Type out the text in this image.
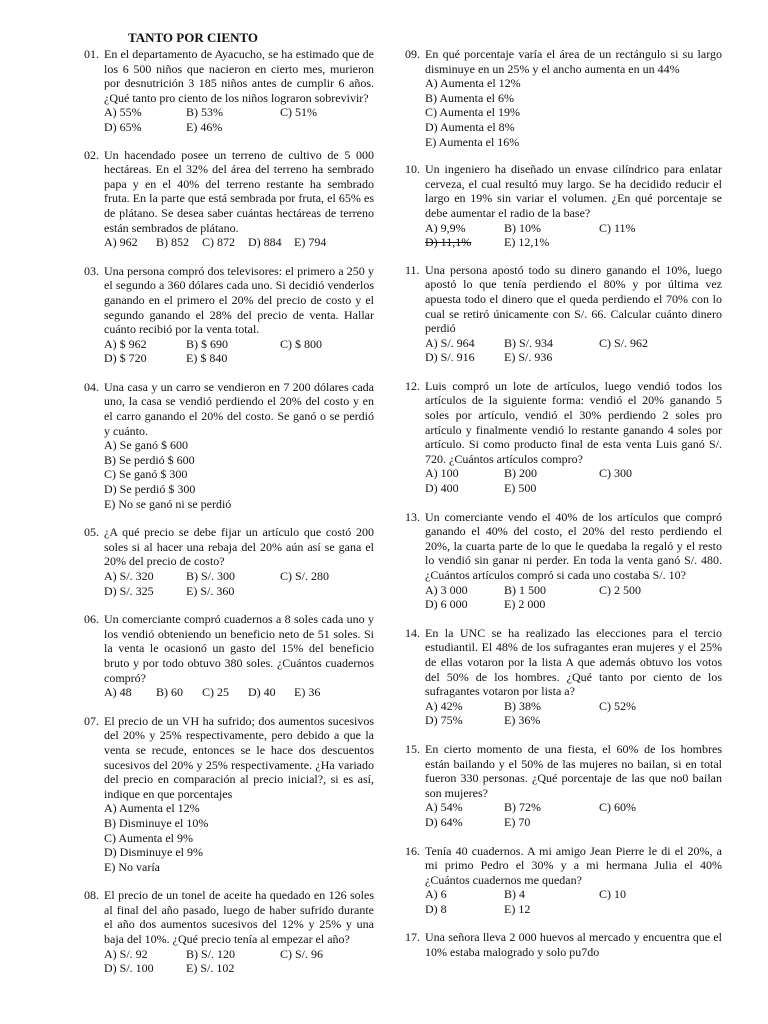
TANTO POR CIENTO
01. En el departamento de Ayacucho, se ha estimado que de los 6 500 niños que nacieron en cierto mes, murieron por desnutrición 3 185 niños antes de cumplir 6 años. ¿Qué tanto pro ciento de los niños lograron sobrevivir?
A) 55%	B) 53%	C) 51%
D) 65%	E) 46%
02. Un hacendado posee un terreno de cultivo de 5 000 hectáreas. En el 32% del área del terreno ha sembrado papa y en el 40% del terreno restante ha sembrado fruta. En la parte que está sembrada por fruta, el 65% es de plátano. Se desea saber cuántas hectáreas de terreno están sembrados de plátano.
A) 962	B) 852	C) 872	D) 884	E) 794
03. Una persona compró dos televisores: el primero a 250 y el segundo a 360 dólares cada uno. Si decidió venderlos ganando en el primero el 20% del precio de costo y el segundo ganando el 28% del precio de venta. Hallar cuánto recibió por la venta total.
A) $ 962	B) $ 690	C) $ 800
D) $ 720	E) $ 840
04. Una casa y un carro se vendieron en 7 200 dólares cada uno, la casa se vendió perdiendo el 20% del costo y en el carro ganando el 20% del costo. Se ganó o se perdió y cuánto.
A) Se ganó $ 600
B) Se perdió $ 600
C) Se ganó $ 300
D) Se perdió $ 300
E) No se ganó ni se perdió
05. ¿A qué precio se debe fijar un artículo que costó 200 soles si al hacer una rebaja del 20% aún así se gana el 20% del precio de costo?
A) S/. 320	B) S/. 300	C) S/. 280
D) S/. 325	E) S/. 360
06. Un comerciante compró cuadernos a 8 soles cada uno y los vendió obteniendo un beneficio neto de 51 soles. Si la venta le ocasionó un gasto del 15% del beneficio bruto y por todo obtuvo 380 soles. ¿Cuántos cuadernos compró?
A) 48	B) 60	C) 25	D) 40	E) 36
07. El precio de un VH ha sufrido; dos aumentos sucesivos del 20% y 25% respectivamente, pero debido a que la venta se recude, entonces se le hace dos descuentos sucesivos del 20% y 25% respectivamente. ¿Ha variado del precio en comparación al precio inicial?, si es así, indique en que porcentajes
A) Aumenta el 12%
B) Disminuye el 10%
C) Aumenta el 9%
D) Disminuye el 9%
E) No varía
08. El precio de un tonel de aceite ha quedado en 126 soles al final del año pasado, luego de haber sufrido durante el año dos aumentos sucesivos del 12% y 25% y una baja del 10%. ¿Qué precio tenía al empezar el año?
A) S/. 92	B) S/. 120	C) S/. 96
D) S/. 100	E) S/. 102
09. En qué porcentaje varía el área de un rectángulo si su largo disminuye en un 25% y el ancho aumenta en un 44%
A) Aumenta el 12%
B) Aumenta el 6%
C) Aumenta el 19%
D) Aumenta el 8%
E) Aumenta el 16%
10. Un ingeniero ha diseñado un envase cilíndrico para enlatar cerveza, el cual resultó muy largo. Se ha decidido reducir el largo en 19% sin variar el volumen. ¿En qué porcentaje se debe aumentar el radio de la base?
A) 9,9%	B) 10%	C) 11%
D) 11,1%	E) 12,1%
11. Una persona apostó todo su dinero ganando el 10%, luego apostó lo que tenía perdiendo el 80% y por última vez apuesta todo el dinero que el queda perdiendo el 70% con lo cual se retiró únicamente con S/. 66. Calcular cuánto dinero perdió
A) S/. 964	B) S/. 934	C) S/. 962
D) S/. 916	E) S/. 936
12. Luis compró un lote de artículos, luego vendió todos los artículos de la siguiente forma: vendió el 20% ganando 5 soles por artículo, vendió el 30% perdiendo 2 soles pro artículo y finalmente vendió lo restante ganando 4 soles por artículo. Si como producto final de esta venta Luis ganó S/. 720. ¿Cuántos artículos compro?
A) 100	B) 200	C) 300
D) 400	E) 500
13. Un comerciante vendo el 40% de los artículos que compró ganando el 40% del costo, el 20% del resto perdiendo el 20%, la cuarta parte de lo que le quedaba la regaló y el resto lo vendió sin ganar ni perder. En toda la venta ganó S/. 480. ¿Cuántos artículos compró si cada uno costaba S/. 10?
A) 3 000	B) 1 500	C) 2 500
D) 6 000	E) 2 000
14. En la UNC se ha realizado las elecciones para el tercio estudiantil. El 48% de los sufragantes eran mujeres y el 25% de ellas votaron por la lista A que además obtuvo los votos del 50% de los hombres. ¿Qué tanto por ciento de los sufragantes votaron por lista a?
A) 42%	B) 38%	C) 52%
D) 75%	E) 36%
15. En cierto momento de una fiesta, el 60% de los hombres están bailando y el 50% de las mujeres no bailan, si en total fueron 330 personas. ¿Qué porcentaje de las que no0 bailan son mujeres?
A) 54%	B) 72%	C) 60%
D) 64%	E) 70
16. Tenía 40 cuadernos. A mi amigo Jean Pierre le di el 20%, a mi primo Pedro el 30% y a mi hermana Julia el 40% ¿Cuántos cuadernos me quedan?
A) 6	B) 4	C) 10
D) 8	E) 12
17. Una señora lleva 2 000 huevos al mercado y encuentra que el 10% estaba malogrado y solo pu7do
